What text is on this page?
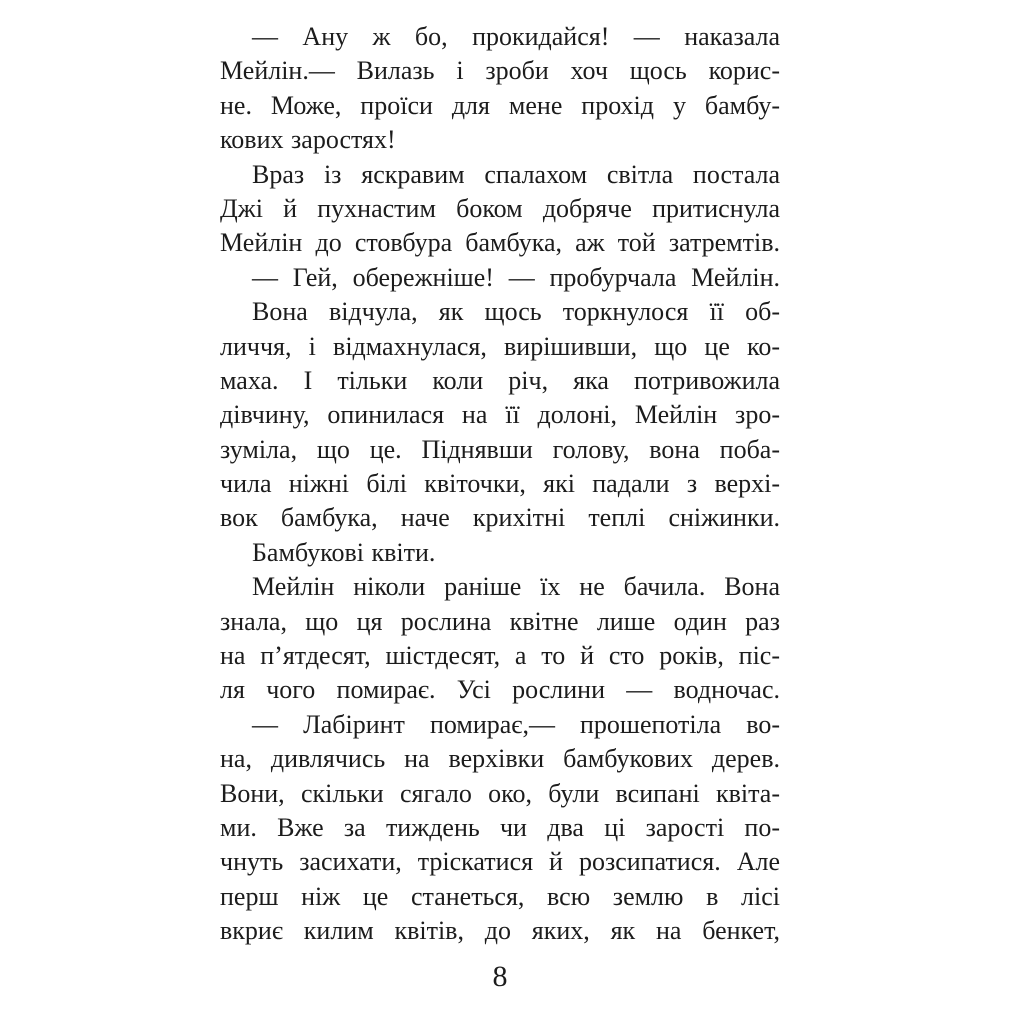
— Ану ж бо, прокидайся! — наказала
Мейлін.— Вилазь і зроби хоч щось корис-
не. Може, проїси для мене прохід у бамбу-
кових заростях!
Враз із яскравим спалахом світла постала
Джі й пухнастим боком добряче притиснула
Мейлін до стовбура бамбука, аж той затремтів.
— Гей, обережніше! — пробурчала Мейлін.
Вона відчула, як щось торкнулося її об-
личчя, і відмахнулася, вирішивши, що це ко-
маха. І тільки коли річ, яка потривожила
дівчину, опинилася на її долоні, Мейлін зро-
зуміла, що це. Піднявши голову, вона поба-
чила ніжні білі квіточки, які падали з верхі-
вок бамбука, наче крихітні теплі сніжинки.
Бамбукові квіти.
Мейлін ніколи раніше їх не бачила. Вона
знала, що ця рослина квітне лише один раз
на п’ятдесят, шістдесят, а то й сто років, піс-
ля чого помирає. Усі рослини — водночас.
— Лабіринт помирає,— прошепотіла во-
на, дивлячись на верхівки бамбукових дерев.
Вони, скільки сягало око, були всипані квіта-
ми. Вже за тиждень чи два ці зарості по-
чнуть засихати, тріскатися й розсипатися. Але
перш ніж це станеться, всю землю в лісі
вкриє килим квітів, до яких, як на бенкет,
8
